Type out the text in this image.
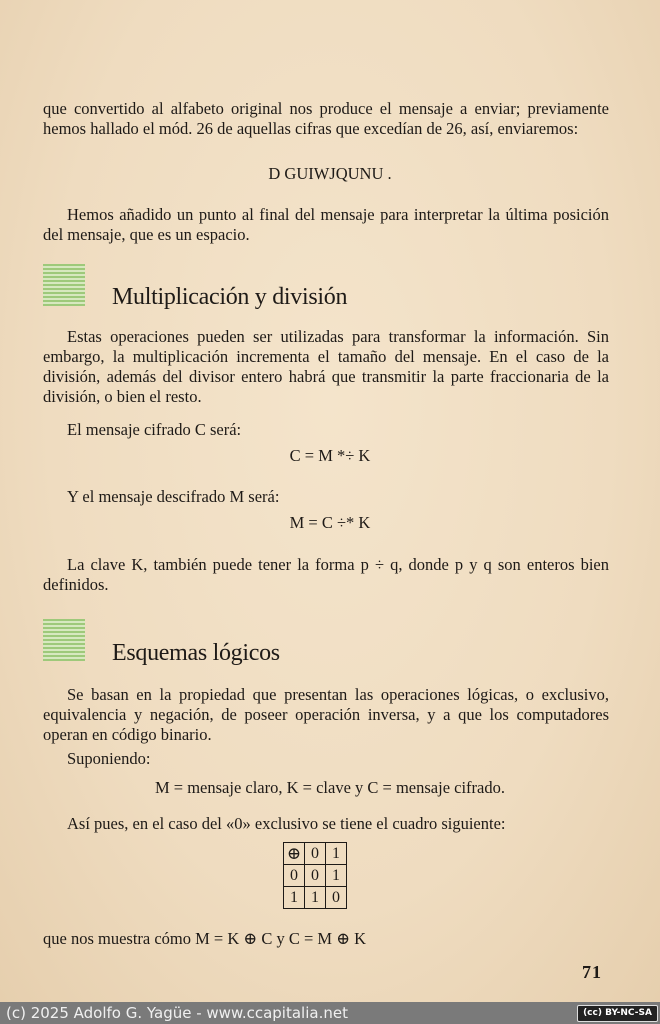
que convertido al alfabeto original nos produce el mensaje a enviar; previamente hemos hallado el mód. 26 de aquellas cifras que excedían de 26, así, enviaremos:

D GUIWJQUNU .

Hemos añadido un punto al final del mensaje para interpretar la última posición del mensaje, que es un espacio.

Multiplicación y división

Estas operaciones pueden ser utilizadas para transformar la información. Sin embargo, la multiplicación incrementa el tamaño del mensaje. En el caso de la división, además del divisor entero habrá que transmitir la parte fraccionaria de la división, o bien el resto.

El mensaje cifrado C será:

C = M *÷ K

Y el mensaje descifrado M será:

M = C ÷* K

La clave K, también puede tener la forma p ÷ q, donde p y q son enteros bien definidos.

Esquemas lógicos

Se basan en la propiedad que presentan las operaciones lógicas, o exclusivo, equivalencia y negación, de poseer operación inversa, y a que los computadores operan en código binario.

Suponiendo:

M = mensaje claro, K = clave y C = mensaje cifrado.

Así pues, en el caso del «0» exclusivo se tiene el cuadro siguiente:

⊕	0	1
0	0	1
1	1	0

que nos muestra cómo M = K ⊕ C y C = M ⊕ K

71
(c) 2025 Adolfo G. Yagüe - www.ccapitalia.net	(cc) BY-NC-SA
